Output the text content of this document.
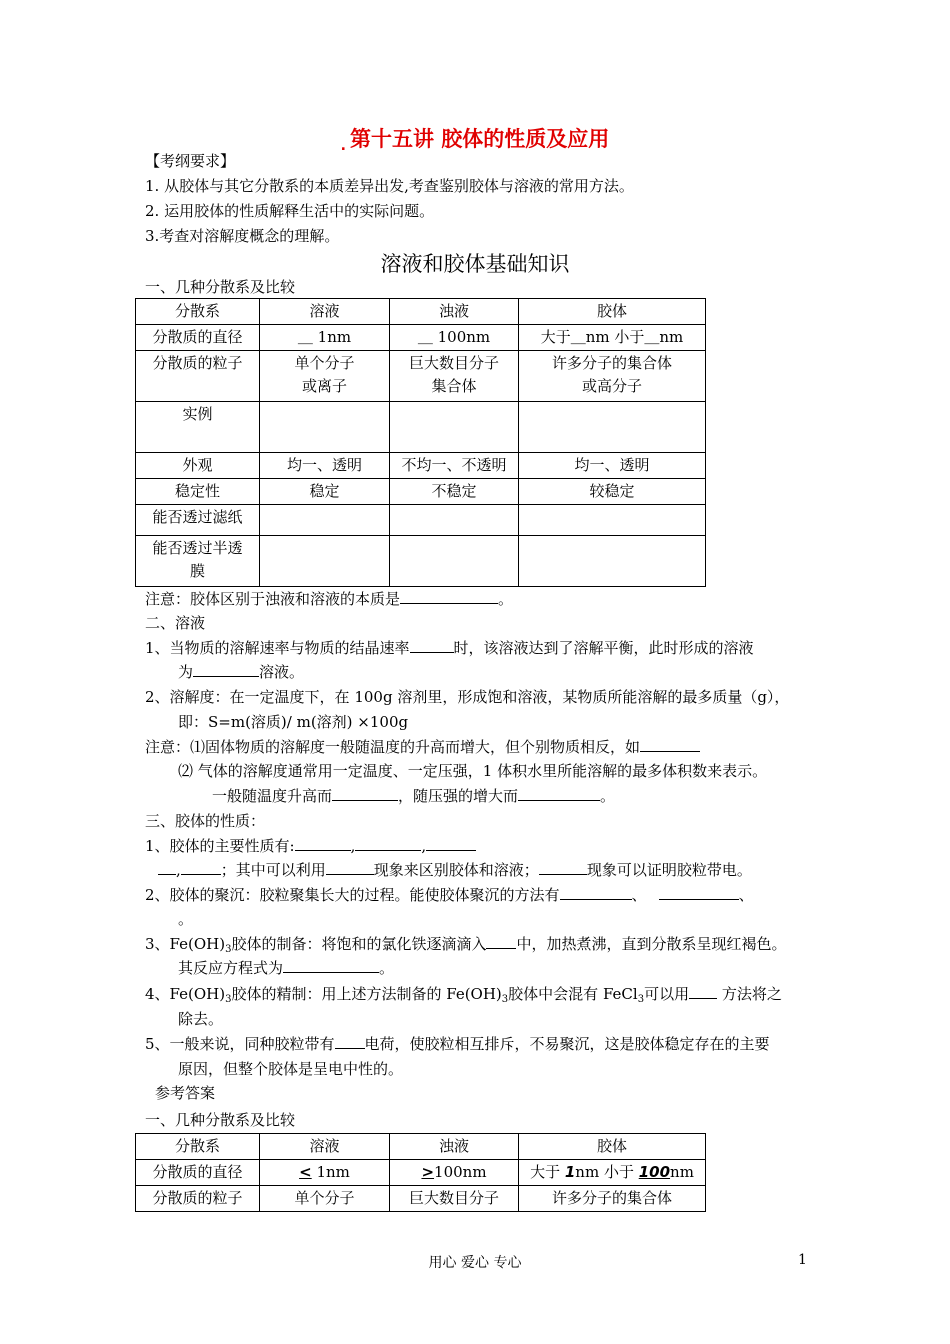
. 第十五讲 胶体的性质及应用
【考纲要求】
1. 从胶体与其它分散系的本质差异出发,考查鉴别胶体与溶液的常用方法。
2. 运用胶体的性质解释生活中的实际问题。
3.考查对溶解度概念的理解。
溶液和胶体基础知识
一、几种分散系及比较
分散系	溶液	浊液	胶体
分散质的直径	＿ 1nm	＿ 100nm	大于＿nm 小于＿nm
分散质的粒子	单个分子或离子	巨大数目分子集合体	许多分子的集合体或高分子
实例			
外观	均一、透明	不均一、不透明	均一、透明
稳定性	稳定	不稳定	较稳定
能否透过滤纸			
能否透过半透膜			
注意：胶体区别于浊液和溶液的本质是	。
二、溶液
1、当物质的溶解速率与物质的结晶速率	时，该溶液达到了溶解平衡，此时形成的溶液
为	溶液。
2、溶解度：在一定温度下，在 100g 溶剂里，形成饱和溶液，某物质所能溶解的最多质量（g），
即：S=m(溶质)/ m(溶剂) ×100g
注意：⑴固体物质的溶解度一般随温度的升高而增大，但个别物质相反，如
⑵ 气体的溶解度通常用一定温度、一定压强，1 体积水里所能溶解的最多体积数来表示。
一般随温度升高而	，随压强的增大而	。
三、胶体的性质：
1、胶体的主要性质有:	,	,
,	；其中可以利用	现象来区别胶体和溶液；	现象可以证明胶粒带电。
2、胶体的聚沉：胶粒聚集长大的过程。能使胶体聚沉的方法有	、	、
。
3、$Fe(OH)_3$胶体的制备：将饱和的氯化铁逐滴滴入 中，加热煮沸，直到分散系呈现红褐色。
其反应方程式为	。
4、$Fe(OH)_3$胶体的精制：用上述方法制备的 $Fe(OH)_3$胶体中会混有 FeCl$_3$可以用 方法将之
除去。
5、一般来说，同种胶粒带有 电荷，使胶粒相互排斥，不易聚沉，这是胶体稳定存在的主要
原因，但整个胶体是呈电中性的。
参考答案
一、几种分散系及比较
分散系	溶液	浊液	胶体
分散质的直径	< 1nm	>100nm	大于 1nm 小于 100nm
分散质的粒子	单个分子	巨大数目分子	许多分子的集合体
用心 爱心 专心	1
